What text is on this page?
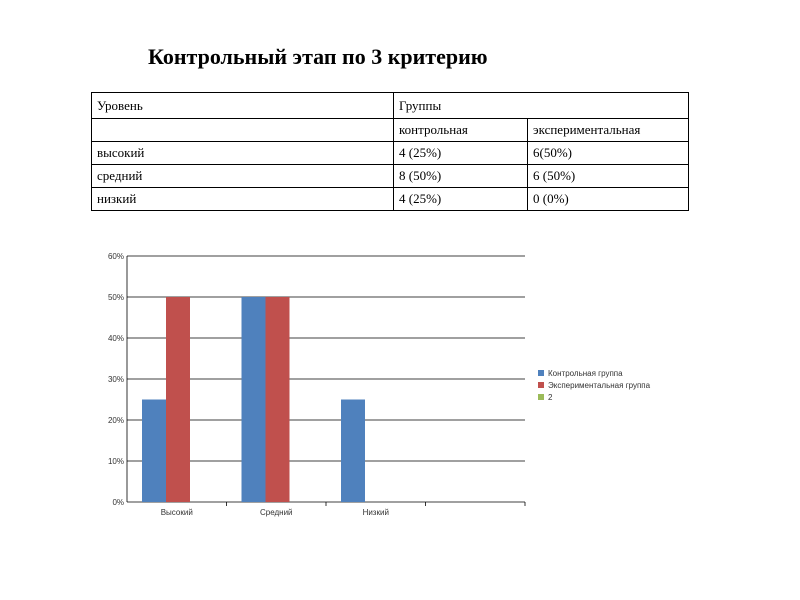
Контрольный этап по 3 критерию
Уровень	Группы	
	контрольная	экспериментальная
высокий	4 (25%)	6(50%)
средний	8 (50%)	6 (50%)
низкий	4 (25%)	0 (0%)
0%
10%
20%
30%
40%
50%
60%
Высокий	Средний	Низкий
Контрольная группа
Экспериментальная группа
2
